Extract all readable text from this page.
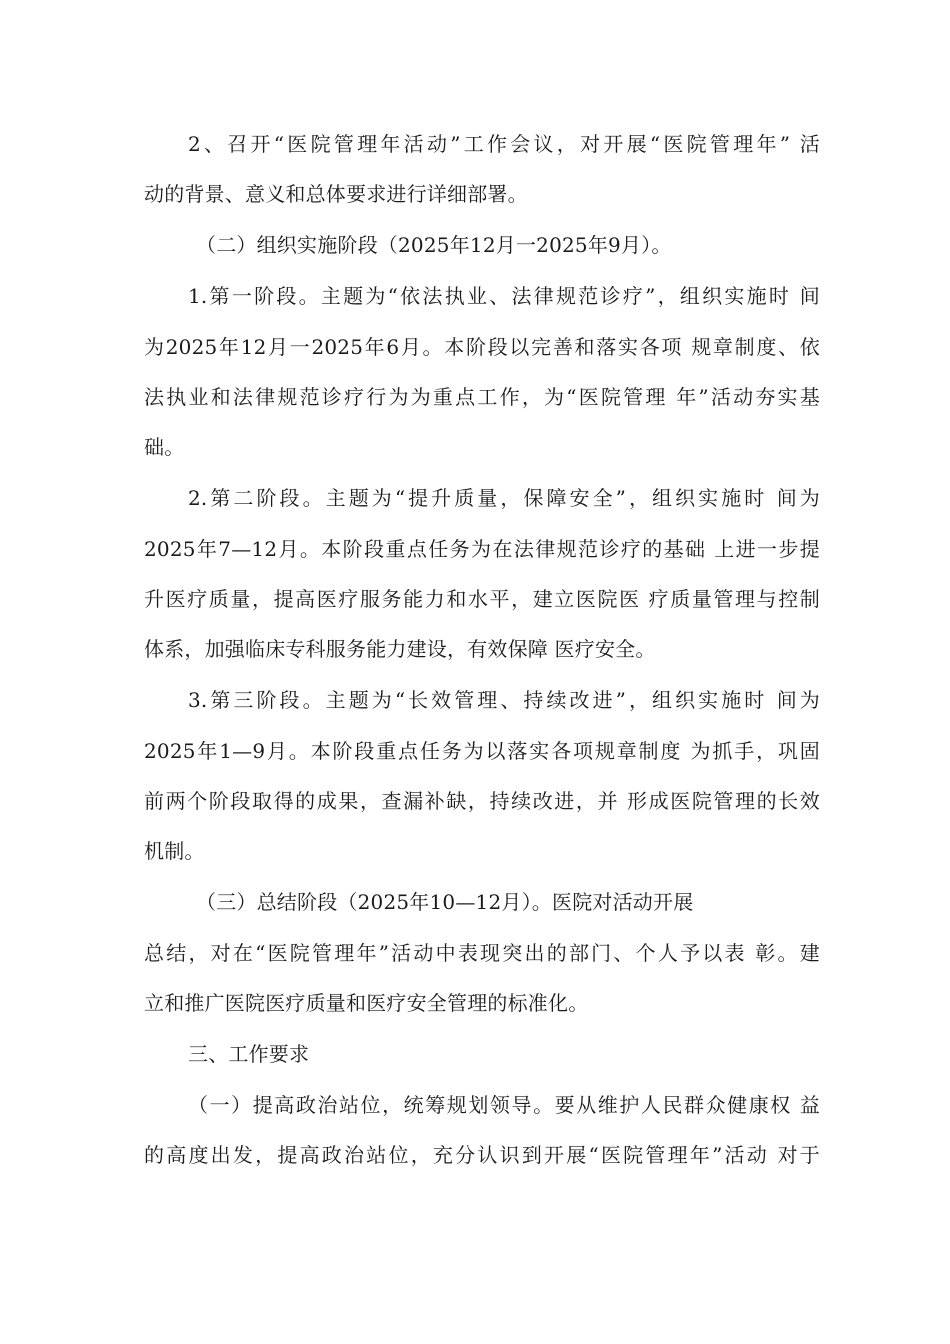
2、召开“医院管理年活动”工作会议，对开展“医院管理年” 活
动的背景、意义和总体要求进行详细部署。
（二）组织实施阶段（2025年12月一2025年9月）。
1.第一阶段。主题为“依法执业、法律规范诊疗”，组织实施时 间
为2025年12月一2025年6月。本阶段以完善和落实各项 规章制度、依
法执业和法律规范诊疗行为为重点工作，为“医院管理 年”活动夯实基
础。
2.第二阶段。主题为“提升质量，保障安全”，组织实施时 间为
2025年7—12月。本阶段重点任务为在法律规范诊疗的基础 上进一步提
升医疗质量，提高医疗服务能力和水平，建立医院医 疗质量管理与控制
体系，加强临床专科服务能力建设，有效保障 医疗安全。
3.第三阶段。主题为“长效管理、持续改进”，组织实施时 间为
2025年1—9月。本阶段重点任务为以落实各项规章制度 为抓手，巩固
前两个阶段取得的成果，查漏补缺，持续改进，并 形成医院管理的长效
机制。
（三）总结阶段（2025年10—12月）。医院对活动开展
总结，对在“医院管理年”活动中表现突出的部门、个人予以表 彰。建
立和推广医院医疗质量和医疗安全管理的标准化。
三、工作要求
（一）提高政治站位，统筹规划领导。要从维护人民群众健康权 益
的高度出发，提高政治站位，充分认识到开展“医院管理年”活动 对于
